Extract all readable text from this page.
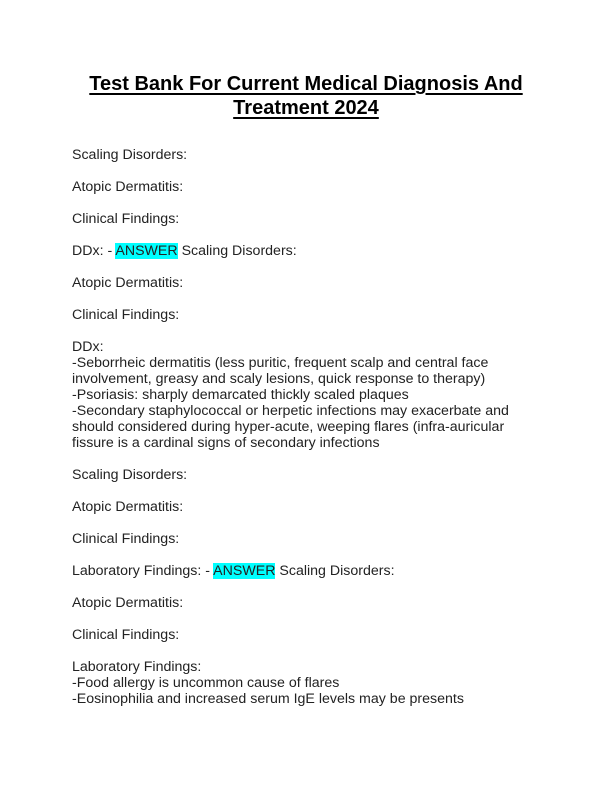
Test Bank For Current Medical Diagnosis And
Treatment 2024

Scaling Disorders:

Atopic Dermatitis:

Clinical Findings:

DDx: - ANSWER Scaling Disorders:

Atopic Dermatitis:

Clinical Findings:

DDx:
-Seborrheic dermatitis (less puritic, frequent scalp and central face
involvement, greasy and scaly lesions, quick response to therapy)
-Psoriasis: sharply demarcated thickly scaled plaques
-Secondary staphylococcal or herpetic infections may exacerbate and
should considered during hyper-acute, weeping flares (infra-auricular
fissure is a cardinal signs of secondary infections

Scaling Disorders:

Atopic Dermatitis:

Clinical Findings:

Laboratory Findings: - ANSWER Scaling Disorders:

Atopic Dermatitis:

Clinical Findings:

Laboratory Findings:
-Food allergy is uncommon cause of flares
-Eosinophilia and increased serum IgE levels may be presents
